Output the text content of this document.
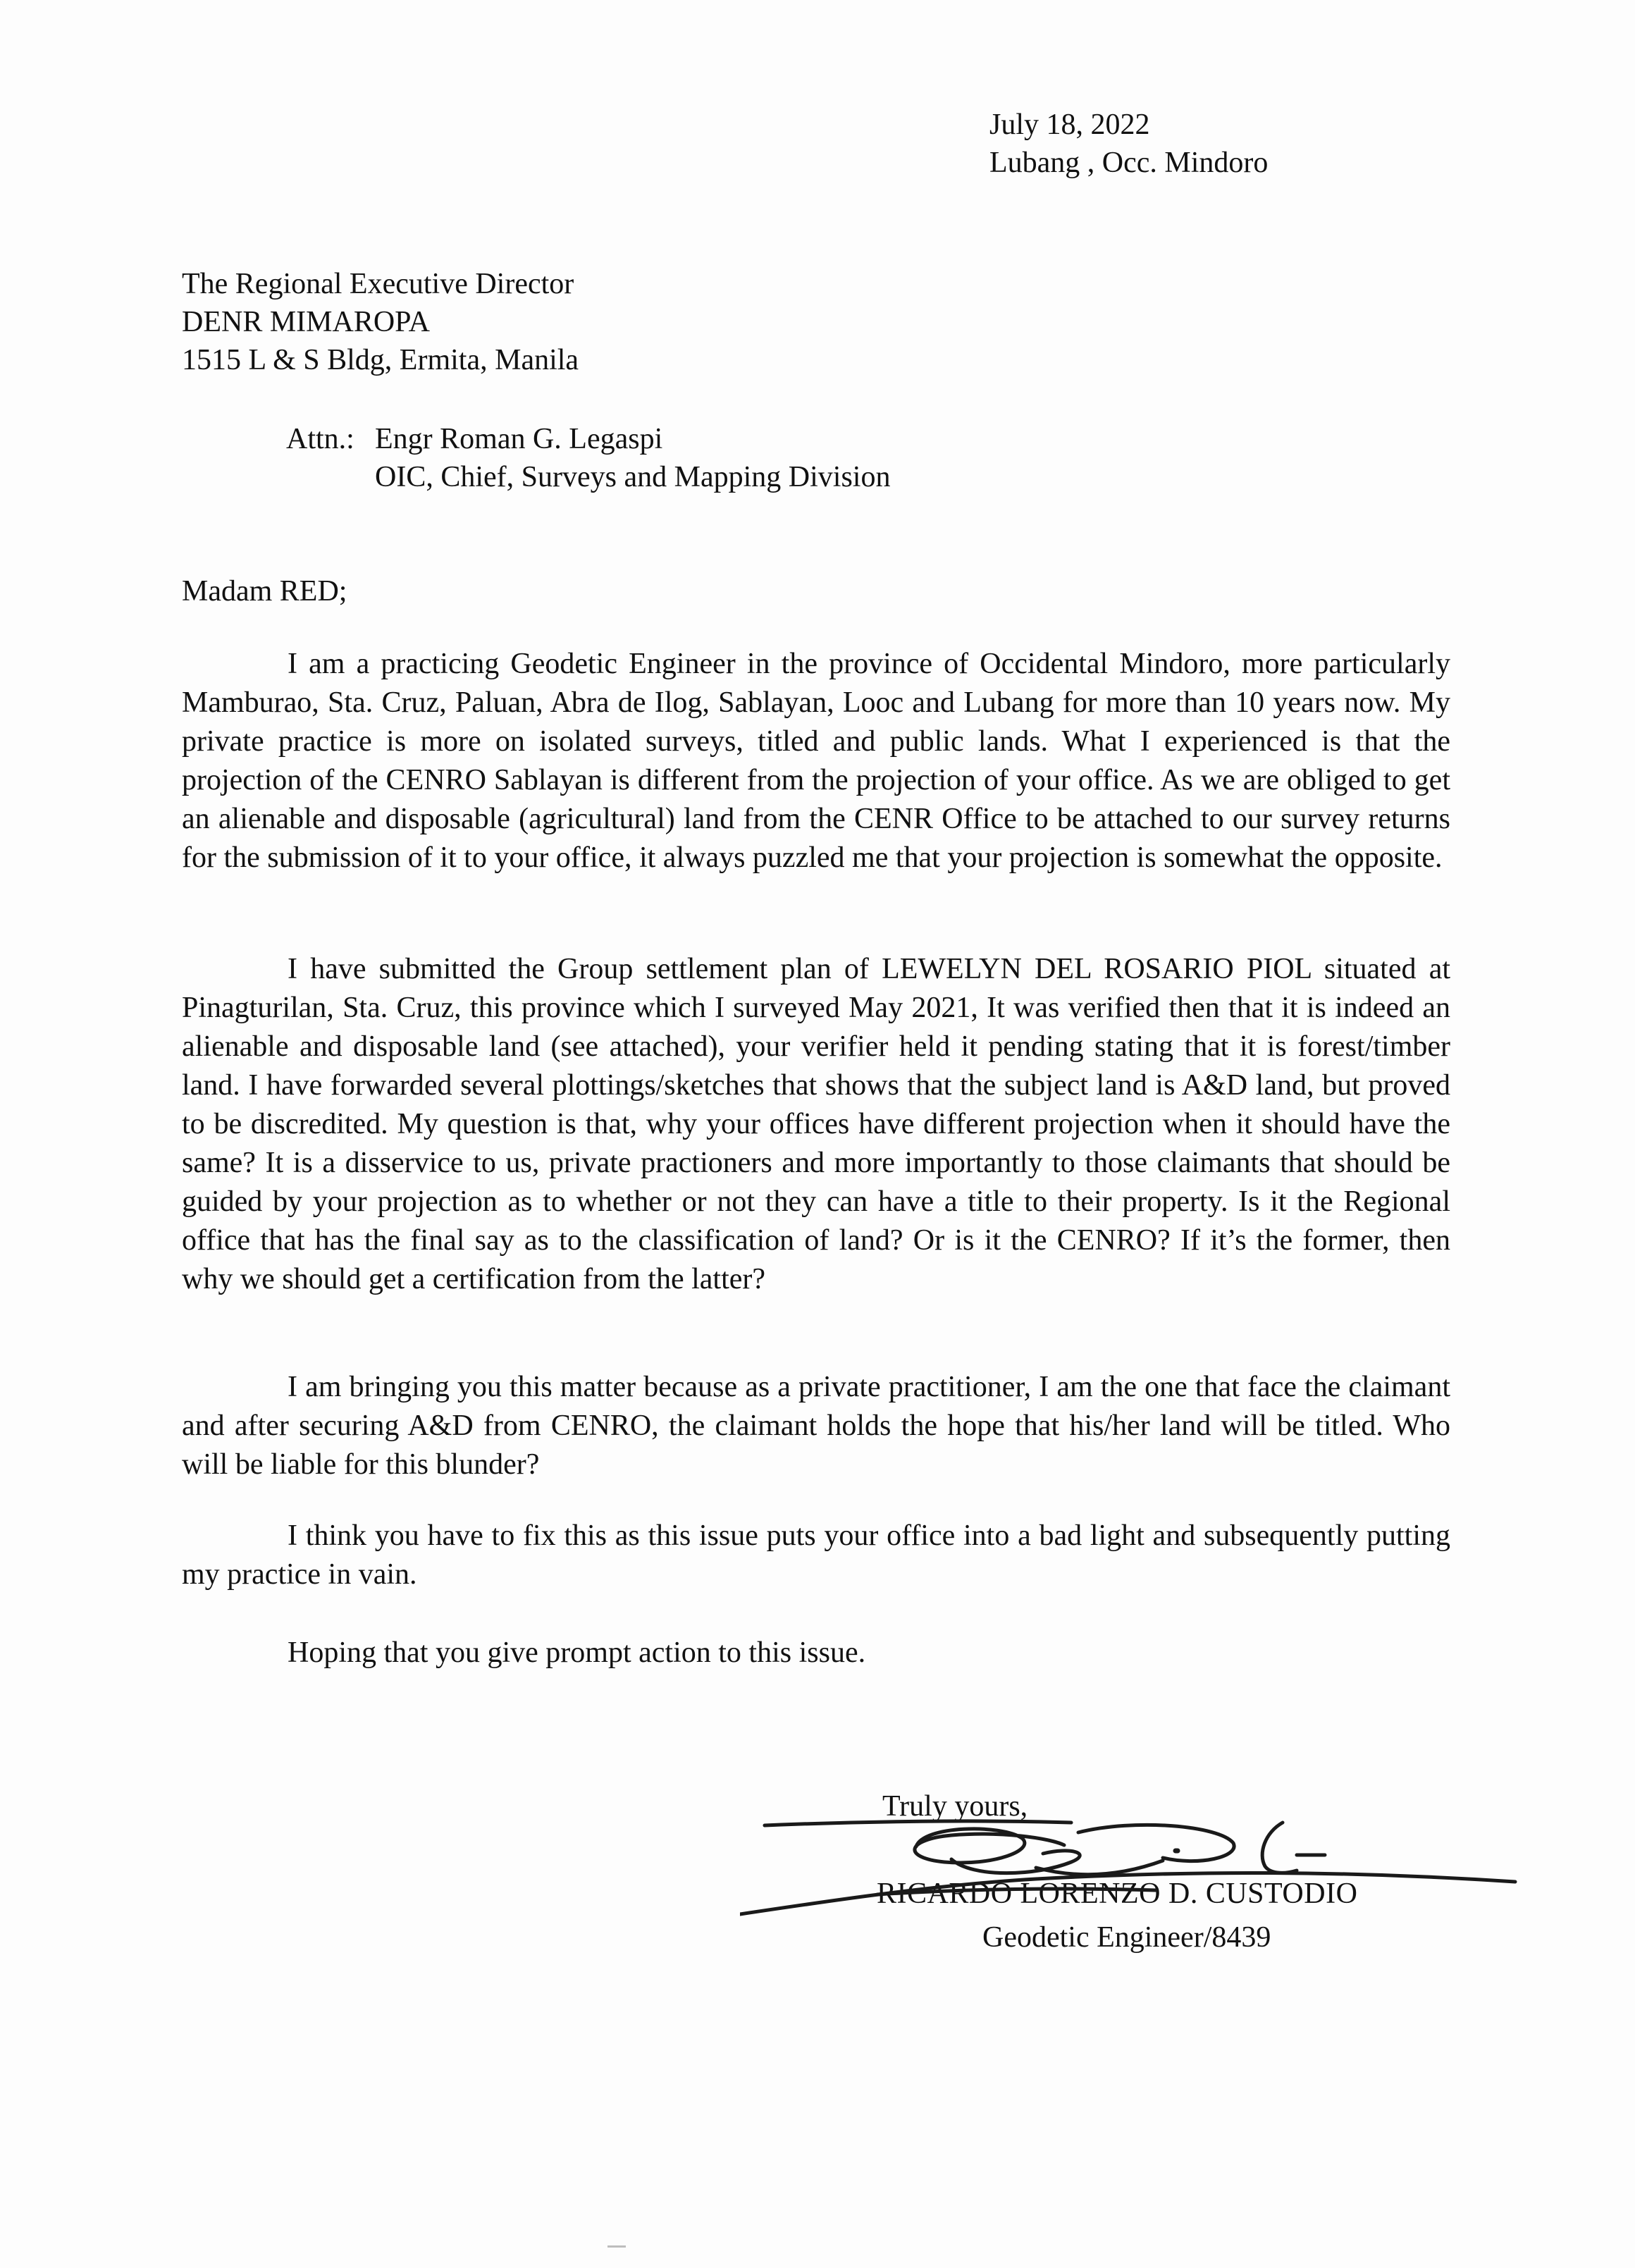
July 18, 2022
Lubang , Occ. Mindoro
The Regional Executive Director
DENR MIMAROPA
1515 L & S Bldg, Ermita, Manila
Attn.: Engr Roman G. Legaspi
OIC, Chief, Surveys and Mapping Division
Madam RED;
I am a practicing Geodetic Engineer in the province of Occidental Mindoro, more particularly Mamburao, Sta. Cruz, Paluan, Abra de Ilog, Sablayan, Looc and Lubang for more than 10 years now. My private practice is more on isolated surveys, titled and public lands. What I experienced is that the projection of the CENRO Sablayan is different from the projection of your office. As we are obliged to get an alienable and disposable (agricultural) land from the CENR Office to be attached to our survey returns for the submission of it to your office, it always puzzled me that your projection is somewhat the opposite.
I have submitted the Group settlement plan of LEWELYN DEL ROSARIO PIOL situated at Pinagturilan, Sta. Cruz, this province which I surveyed May 2021, It was verified then that it is indeed an alienable and disposable land (see attached), your verifier held it pending stating that it is forest/timber land. I have forwarded several plottings/sketches that shows that the subject land is A&D land, but proved to be discredited. My question is that, why your offices have different projection when it should have the same? It is a disservice to us, private practioners and more importantly to those claimants that should be guided by your projection as to whether or not they can have a title to their property. Is it the Regional office that has the final say as to the classification of land? Or is it the CENRO? If it’s the former, then why we should get a certification from the latter?
I am bringing you this matter because as a private practitioner, I am the one that face the claimant and after securing A&D from CENRO, the claimant holds the hope that his/her land will be titled. Who will be liable for this blunder?
I think you have to fix this as this issue puts your office into a bad light and subsequently putting my practice in vain.
Hoping that you give prompt action to this issue.
Truly yours,
RICARDO LORENZO D. CUSTODIO
Geodetic Engineer/8439
